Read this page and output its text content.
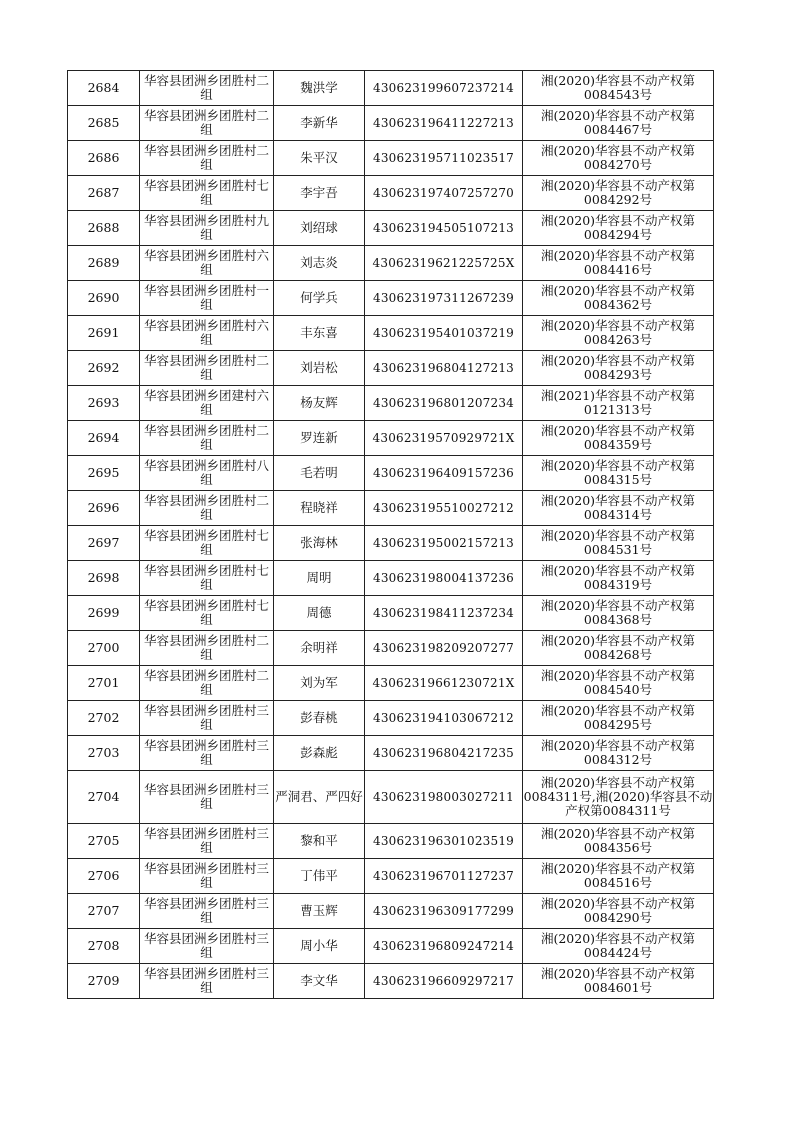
2684	华容县团洲乡团胜村二组	魏洪学	430623199607237214	湘(2020)华容县不动产权第0084543号
2685	华容县团洲乡团胜村二组	李新华	430623196411227213	湘(2020)华容县不动产权第0084467号
2686	华容县团洲乡团胜村二组	朱平汉	430623195711023517	湘(2020)华容县不动产权第0084270号
2687	华容县团洲乡团胜村七组	李宇吾	430623197407257270	湘(2020)华容县不动产权第0084292号
2688	华容县团洲乡团胜村九组	刘绍球	430623194505107213	湘(2020)华容县不动产权第0084294号
2689	华容县团洲乡团胜村六组	刘志炎	43062319621225725X	湘(2020)华容县不动产权第0084416号
2690	华容县团洲乡团胜村一组	何学兵	430623197311267239	湘(2020)华容县不动产权第0084362号
2691	华容县团洲乡团胜村六组	丰东喜	430623195401037219	湘(2020)华容县不动产权第0084263号
2692	华容县团洲乡团胜村二组	刘岩松	430623196804127213	湘(2020)华容县不动产权第0084293号
2693	华容县团洲乡团建村六组	杨友辉	430623196801207234	湘(2021)华容县不动产权第0121313号
2694	华容县团洲乡团胜村二组	罗连新	43062319570929721X	湘(2020)华容县不动产权第0084359号
2695	华容县团洲乡团胜村八组	毛若明	430623196409157236	湘(2020)华容县不动产权第0084315号
2696	华容县团洲乡团胜村二组	程晓祥	430623195510027212	湘(2020)华容县不动产权第0084314号
2697	华容县团洲乡团胜村七组	张海林	430623195002157213	湘(2020)华容县不动产权第0084531号
2698	华容县团洲乡团胜村七组	周明	430623198004137236	湘(2020)华容县不动产权第0084319号
2699	华容县团洲乡团胜村七组	周德	430623198411237234	湘(2020)华容县不动产权第0084368号
2700	华容县团洲乡团胜村二组	余明祥	430623198209207277	湘(2020)华容县不动产权第0084268号
2701	华容县团洲乡团胜村二组	刘为军	43062319661230721X	湘(2020)华容县不动产权第0084540号
2702	华容县团洲乡团胜村三组	彭春桃	430623194103067212	湘(2020)华容县不动产权第0084295号
2703	华容县团洲乡团胜村三组	彭森彪	430623196804217235	湘(2020)华容县不动产权第0084312号
2704	华容县团洲乡团胜村三组	严洞君、严四好	430623198003027211	湘(2020)华容县不动产权第0084311号,湘(2020)华容县不动产权第0084311号
2705	华容县团洲乡团胜村三组	黎和平	430623196301023519	湘(2020)华容县不动产权第0084356号
2706	华容县团洲乡团胜村三组	丁伟平	430623196701127237	湘(2020)华容县不动产权第0084516号
2707	华容县团洲乡团胜村三组	曹玉辉	430623196309177299	湘(2020)华容县不动产权第0084290号
2708	华容县团洲乡团胜村三组	周小华	430623196809247214	湘(2020)华容县不动产权第0084424号
2709	华容县团洲乡团胜村三组	李文华	430623196609297217	湘(2020)华容县不动产权第0084601号
